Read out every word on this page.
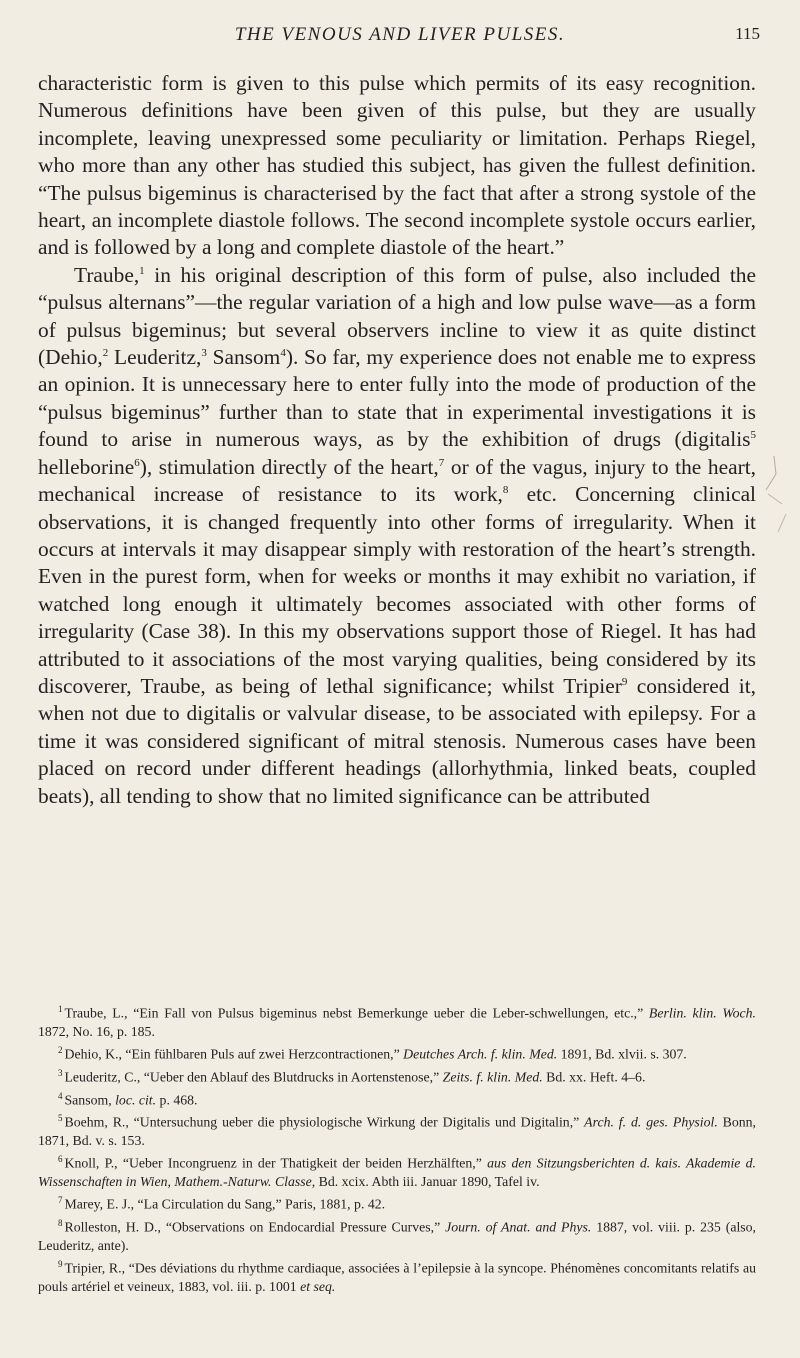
THE VENOUS AND LIVER PULSES.	115

characteristic form is given to this pulse which permits of its easy recognition. Numerous definitions have been given of this pulse, but they are usually incomplete, leaving unexpressed some peculiarity or limitation. Perhaps Riegel, who more than any other has studied this subject, has given the fullest definition. “The pulsus bigeminus is characterised by the fact that after a strong systole of the heart, an incomplete diastole follows. The second incomplete systole occurs earlier, and is followed by a long and complete diastole of the heart.”

Traube,$^1$ in his original description of this form of pulse, also included the “pulsus alternans”—the regular variation of a high and low pulse wave—as a form of pulsus bigeminus; but several observers incline to view it as quite distinct (Dehio,$^2$ Leuderitz,$^3$ Sansom$^4$). So far, my experience does not enable me to express an opinion. It is unnecessary here to enter fully into the mode of production of the “pulsus bigeminus” further than to state that in experimental investigations it is found to arise in numerous ways, as by the exhibition of drugs (digitalis$^5$ helleborine$^6$), stimulation directly of the heart,$^7$ or of the vagus, injury to the heart, mechanical increase of resistance to its work,$^8$ etc. Concerning clinical observations, it is changed frequently into other forms of irregularity. When it occurs at intervals it may disappear simply with restoration of the heart’s strength. Even in the purest form, when for weeks or months it may exhibit no variation, if watched long enough it ultimately becomes associated with other forms of irregularity (Case 38). In this my observations support those of Riegel. It has had attributed to it associations of the most varying qualities, being considered by its discoverer, Traube, as being of lethal significance; whilst Tripier$^9$ considered it, when not due to digitalis or valvular disease, to be associated with epilepsy. For a time it was considered significant of mitral stenosis. Numerous cases have been placed on record under different headings (allorhythmia, linked beats, coupled beats), all tending to show that no limited significance can be attributed

$^1$ Traube, L., “Ein Fall von Pulsus bigeminus nebst Bemerkunge ueber die Leber-schwellungen, etc.,” Berlin. klin. Woch. 1872, No. 16, p. 185.

$^2$ Dehio, K., “Ein fühlbaren Puls auf zwei Herzcontractionen,” Deutches Arch. f. klin. Med. 1891, Bd. xlvii. s. 307.

$^3$ Leuderitz, C., “Ueber den Ablauf des Blutdrucks in Aortenstenose,” Zeits. f. klin. Med. Bd. xx. Heft. 4–6.

$^4$ Sansom, loc. cit. p. 468.

$^5$ Boehm, R., “Untersuchung ueber die physiologische Wirkung der Digitalis und Digitalin,” Arch. f. d. ges. Physiol. Bonn, 1871, Bd. v. s. 153.

$^6$ Knoll, P., “Ueber Incongruenz in der Thatigkeit der beiden Herzhälften,” aus den Sitzungsberichten d. kais. Akademie d. Wissenschaften in Wien, Mathem.-Naturw. Classe, Bd. xcix. Abth iii. Januar 1890, Tafel iv.

$^7$ Marey, E. J., “La Circulation du Sang,” Paris, 1881, p. 42.

$^8$ Rolleston, H. D., “Observations on Endocardial Pressure Curves,” Journ. of Anat. and Phys. 1887, vol. viii. p. 235 (also, Leuderitz, ante).

$^9$ Tripier, R., “Des déviations du rhythme cardiaque, associées à l’epilepsie à la syncope. Phénomènes concomitants relatifs au pouls artériel et veineux, 1883, vol. iii. p. 1001 et seq.
